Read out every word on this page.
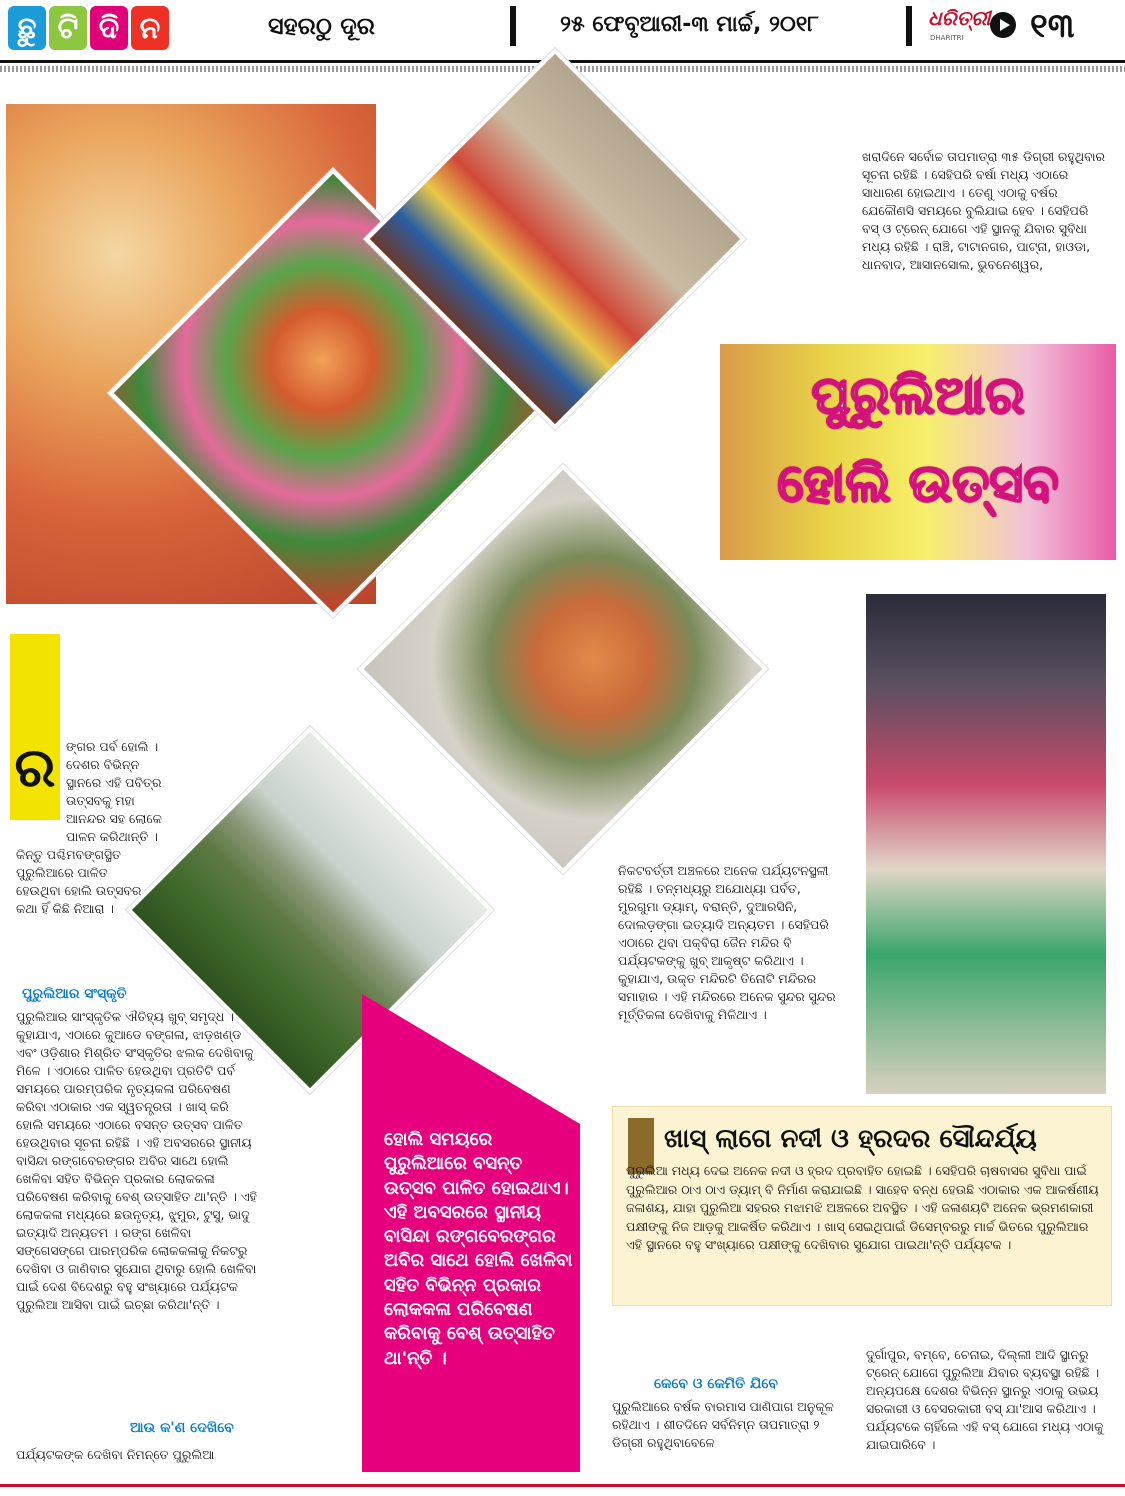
ଛୁ ଟି ଦି ନ	ସହରଠୁ ଦୂର	୨୫ ଫେବୃଆରୀ-୩ ମାର୍ଚ୍ଚ, ୨୦୧୮	ଧରିତ୍ରୀ
DHARITRI ୧୩
ପୁରୁଲିଆର
ହୋଲି ଉତ୍ସବ
ଖରାଦିନେ ସର୍ବୋଚ୍ଚ ତାପମାତ୍ରା ୩୫ ଡିଗ୍ରୀ ରହୁଥିବାର ସୂଚନା ରହିଛି । ସେହିପରି ବର୍ଷା ମଧ୍ୟ ଏଠାରେ ସାଧାରଣ ହୋଇଥାଏ । ତେଣୁ ଏଠାକୁ ବର୍ଷର ଯେକୌଣସି ସମୟରେ ବୁଲିଯାଇ ହେବ । ସେହିପରି ବସ୍ ଓ ଟ୍ରେନ୍ ଯୋଗେ ଏହି ସ୍ଥାନକୁ ଯିବାର ସୁବିଧା ମଧ୍ୟ ରହିଛି । ରାଞ୍ଚି, ଟାଟାନଗର, ପାଟ୍ନା, ହାଓଡା, ଧାନବାଦ, ଆସାନସୋଲ, ଭୁବନେଶ୍ୱର,
ର ଙ୍ଗର ପର୍ବ ହୋଲି । ଦେଶର ବିଭିନ୍ନ ସ୍ଥାନରେ ଏହି ପବିତ୍ର ଉତ୍ସବକୁ ମହା ଆନନ୍ଦର ସହ ଲୋକେ ପାଳନ କରିଥାନ୍ତି ।
କିନ୍ତୁ ପଶ୍ଚିମବଙ୍ଗସ୍ଥିତ ପୁରୁଲିଆରେ ପାଳିତ ହେଉଥିବା ହୋଲି ଉତ୍ସବର କଥା ହିଁ କିଛି ନିଆରା ।
ପୁରୁଲିଆର ସଂସ୍କୃତି
ପୁରୁଲିଆର ସାଂସ୍କୃତିକ ଐତିହ୍ୟ ଖୁବ୍ ସମୃଦ୍ଧ । କୁହାଯାଏ, ଏଠାରେ କୁଆଡେ ବଙ୍ଗଳା, ଝାଡ଼ଖଣ୍ଡ ଏବଂ ଓଡ଼ିଶାର ମିଶ୍ରିତ ସଂସ୍କୃତିର ଝଲକ ଦେଖିବାକୁ ମିଳେ । ଏଠାରେ ପାଳିତ ହେଉଥିବା ପ୍ରତିଟି ପର୍ବ ସମୟରେ ପାରମ୍ପରିକ ନୃତ୍ୟକଳା ପରିବେଷଣ କରିବା ଏଠାକାର ଏକ ସ୍ୱତନ୍ତ୍ରତା । ଖାସ୍ କରି ହୋଲି ସମୟରେ ଏଠାରେ ବସନ୍ତ ଉତ୍ସବ ପାଳିତ ହେଉଥିବାର ସୂଚନା ରହିଛି । ଏହି ଅବସରରେ ସ୍ଥାନୀୟ ବାସିନ୍ଦା ରଙ୍ଗବେରଙ୍ଗର ଅବିର ସାଥେ ହୋଲି ଖେଳିବା ସହିତ ବିଭିନ୍ନ ପ୍ରକାର ଲୋକକଳା ପରିବେଷଣ କରିବାକୁ ବେଶ୍ ଉତ୍ସାହିତ ଥା'ନ୍ତି । ଏହି ଲୋକକଳା ମଧ୍ୟରେ ଛଉନୃତ୍ୟ, ଝୁମୁର, ଟୁସୁ, ଭାଦୁ ଇତ୍ୟାଦି ଅନ୍ୟତମ । ରଙ୍ଗ ଖେଳିବା ସଙ୍ଗେସଙ୍ଗେ ପାରମ୍ପରିକ ଲୋକକଳାକୁ ନିକଟରୁ ଦେଖିବା ଓ ଜାଣିବାର ସୁଯୋଗ ଥିବାରୁ ହୋଲି ଖେଳିବା ପାଇଁ ଦେଶ ବିଦେଶରୁ ବହୁ ସଂଖ୍ୟାରେ ପର୍ଯ୍ୟଟକ ପୁରୁଲିଆ ଆସିବା ପାଇଁ ଇଚ୍ଛା କରିଥା'ନ୍ତି ।
ଆଉ କ'ଣ ଦେଖିବେ
ପର୍ଯ୍ୟଟକଙ୍କ ଦେଖିବା ନିମନ୍ତେ ପୁରୁଲିଆ
ନିକଟବର୍ତ୍ତୀ ଅଞ୍ଚଳରେ ଅନେକ ପର୍ଯ୍ୟଟନସ୍ଥଳୀ ରହିଛି । ତନ୍ମଧ୍ୟରୁ ଅଯୋଧ୍ୟା ପର୍ବତ, ମୁରଗୁମା ଡ୍ୟାମ୍, ବରାନ୍ତି, ଦୁଆରସିନି, ଦୋଲଡ଼ଙ୍ଗା ଇତ୍ୟାଦି ଅନ୍ୟତମ । ସେହିପରି ଏଠାରେ ଥିବା ପକ୍‌ବିରା ଜୈନ ମନ୍ଦିର ବି ପର୍ଯ୍ୟଟକଙ୍କୁ ଖୁବ୍ ଆକୃଷ୍ଟ କରିଥାଏ । କୁହାଯାଏ, ଉକ୍ତ ମନ୍ଦିରଟି ତିନୋଟି ମନ୍ଦିରର ସମାହାର । ଏହି ମନ୍ଦିରରେ ଅନେକ ସୁନ୍ଦର ସୁନ୍ଦର ମୂର୍ତ୍ତିକଳା ଦେଖିବାକୁ ମିଳିଥାଏ ।
ହୋଲି ସମୟରେ ପୁରୁଲିଆରେ ବସନ୍ତ ଉତ୍ସବ ପାଳିତ ହୋଇଥାଏ। ଏହି ଅବସରରେ ସ୍ଥାନୀୟ ବାସିନ୍ଦା ରଙ୍ଗବେରଙ୍ଗର ଅବିର ସାଥେ ହୋଲି ଖେଳିବା ସହିତ ବିଭିନ୍ନ ପ୍ରକାର ଲୋକକଳା ପରିବେଷଣ କରିବାକୁ ବେଶ୍ ଉତ୍ସାହିତ ଥା'ନ୍ତି ।
ଖାସ୍ ଲାଗେ ନଦୀ ଓ ହ୍ରଦର ସୌନ୍ଦର୍ଯ୍ୟ
ପୁରୁଲିଆ ମଧ୍ୟ ଦେଇ ଅନେକ ନଦୀ ଓ ହ୍ରଦ ପ୍ରବାହିତ ହୋଇଛି । ସେହିପରି ଚାଷବାସର ସୁବିଧା ପାଇଁ ପୁରୁଲିଆର ଠାଏ ଠାଏ ଡ୍ୟାମ୍ ବି ନିର୍ମାଣ କରାଯାଇଛି । ସାହେବ ବନ୍ଧ ହେଉଛି ଏଠାକାର ଏକ ଆକର୍ଷଣୀୟ ଜଳାଶୟ, ଯାହା ପୁରୁଲିଆ ସହରର ମଝାମଝି ଅଞ୍ଚଳରେ ଅବସ୍ଥିତ । ଏହି ଜଳାଶୟଟି ଅନେକ ଭ୍ରମଣକାରୀ ପକ୍ଷୀଙ୍କୁ ନିଜ ଆଡ଼କୁ ଆକର୍ଷିତ କରିଥାଏ । ଖାସ୍ ସେଇଥିପାଇଁ ଡିସେମ୍ବରରୁ ମାର୍ଚ୍ଚ ଭିତରେ ପୁରୁଲିଆର ଏହି ସ୍ଥାନରେ ବହୁ ସଂଖ୍ୟାରେ ପକ୍ଷୀଙ୍କୁ ଦେଖିବାର ସୁଯୋଗ ପାଇଥା'ନ୍ତି ପର୍ଯ୍ୟଟକ ।
କେବେ ଓ କେମିତି ଯିବେ
ପୁରୁଲିଆରେ ବର୍ଷକ ବାରମାସ ପାଣିପାଗ ଅନୁକୂଳ ରହିଥାଏ । ଶୀତଦିନେ ସର୍ବନିମ୍ନ ତାପମାତ୍ରା ୨ ଡିଗ୍ରୀ ରହୁଥିବାବେଳେ
ଦୁର୍ଗାପୁର, ବମ୍ବେ, ଚେନାଇ, ଦିଲ୍ଲୀ ଆଦି ସ୍ଥାନରୁ ଟ୍ରେନ୍ ଯୋଗେ ପୁରୁଲିଆ ଯିବାର ବ୍ୟବସ୍ଥା ରହିଛି । ଅନ୍ୟପକ୍ଷେ ଦେଶର ବିଭିନ୍ନ ସ୍ଥାନରୁ ଏଠାକୁ ଉଭୟ ସରକାରୀ ଓ ବେସରକାରୀ ବସ୍ ଯା'ଆସ କରିଥାଏ । ପର୍ଯ୍ୟଟକେ ଚାହିଁଲେ ଏହି ବସ୍ ଯୋଗେ ମଧ୍ୟ ଏଠାକୁ ଯାଇପାରିବେ ।
